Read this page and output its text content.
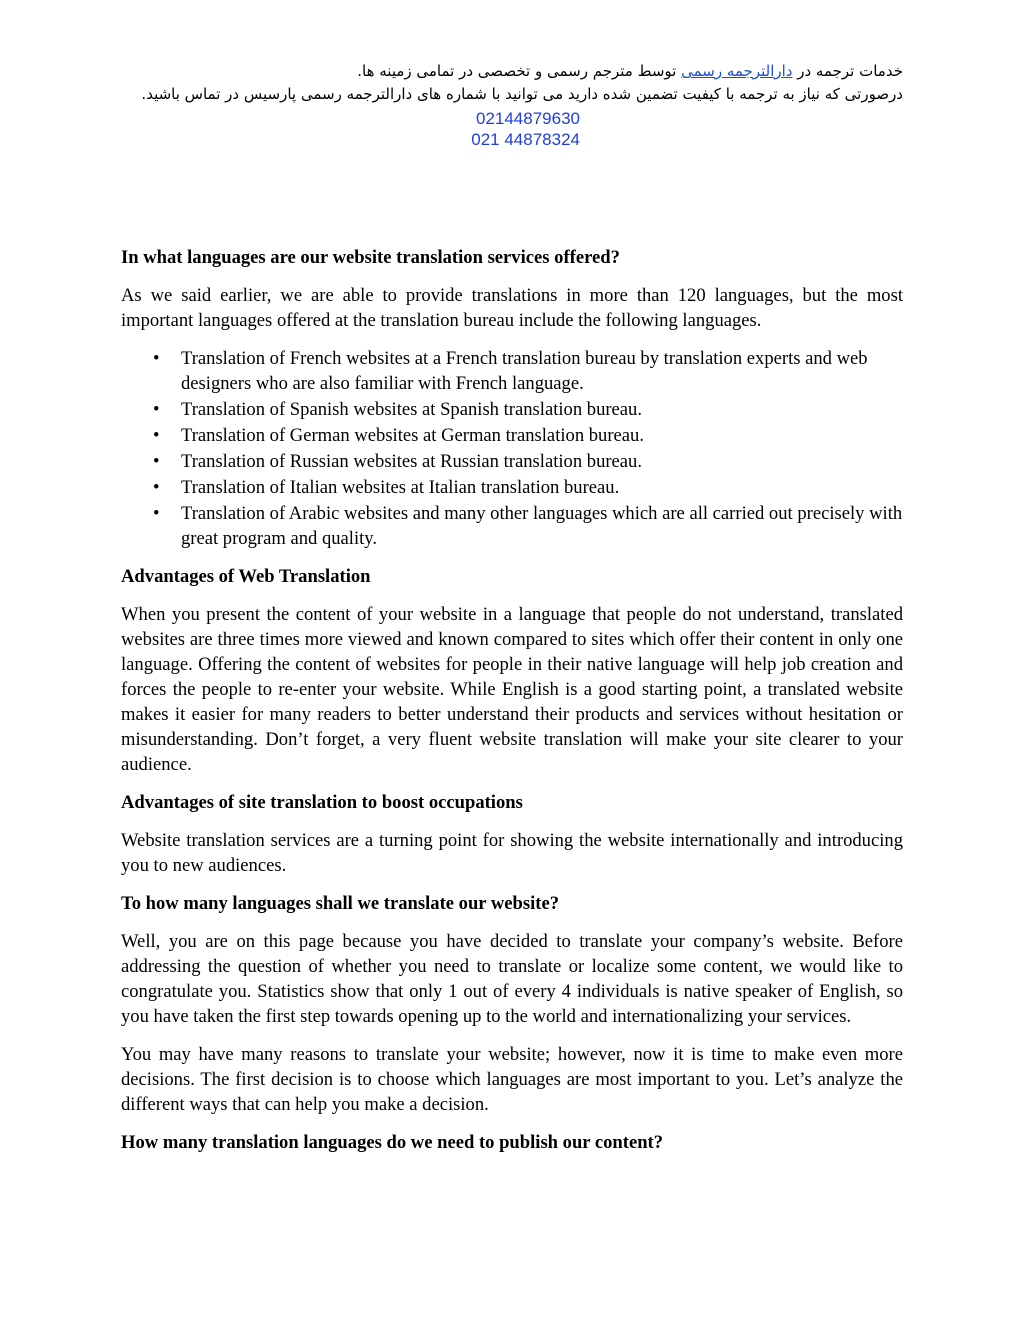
خدمات ترجمه در دارالترجمه رسمی توسط مترجم رسمی و تخصصی در تمامی زمینه ها.
درصورتی که نیاز به ترجمه با کیفیت تضمین شده دارید می توانید با شماره های دارالترجمه رسمی پارسیس در تماس باشید.
02144879630
021 44878324
In what languages are our website translation services offered?

As we said earlier, we are able to provide translations in more than 120 languages, but the most important languages offered at the translation bureau include the following languages.

• Translation of French websites at a French translation bureau by translation experts and web designers who are also familiar with French language.
• Translation of Spanish websites at Spanish translation bureau.
• Translation of German websites at German translation bureau.
• Translation of Russian websites at Russian translation bureau.
• Translation of Italian websites at Italian translation bureau.
• Translation of Arabic websites and many other languages which are all carried out precisely with great program and quality.
Advantages of Web Translation

When you present the content of your website in a language that people do not understand, translated websites are three times more viewed and known compared to sites which offer their content in only one language. Offering the content of websites for people in their native language will help job creation and forces the people to re-enter your website. While English is a good starting point, a translated website makes it easier for many readers to better understand their products and services without hesitation or misunderstanding. Don’t forget, a very fluent website translation will make your site clearer to your audience.

Advantages of site translation to boost occupations

Website translation services are a turning point for showing the website internationally and introducing you to new audiences.

To how many languages shall we translate our website?

Well, you are on this page because you have decided to translate your company’s website. Before addressing the question of whether you need to translate or localize some content, we would like to congratulate you. Statistics show that only 1 out of every 4 individuals is native speaker of English, so you have taken the first step towards opening up to the world and internationalizing your services.

You may have many reasons to translate your website; however, now it is time to make even more decisions. The first decision is to choose which languages are most important to you. Let’s analyze the different ways that can help you make a decision.

How many translation languages do we need to publish our content?
